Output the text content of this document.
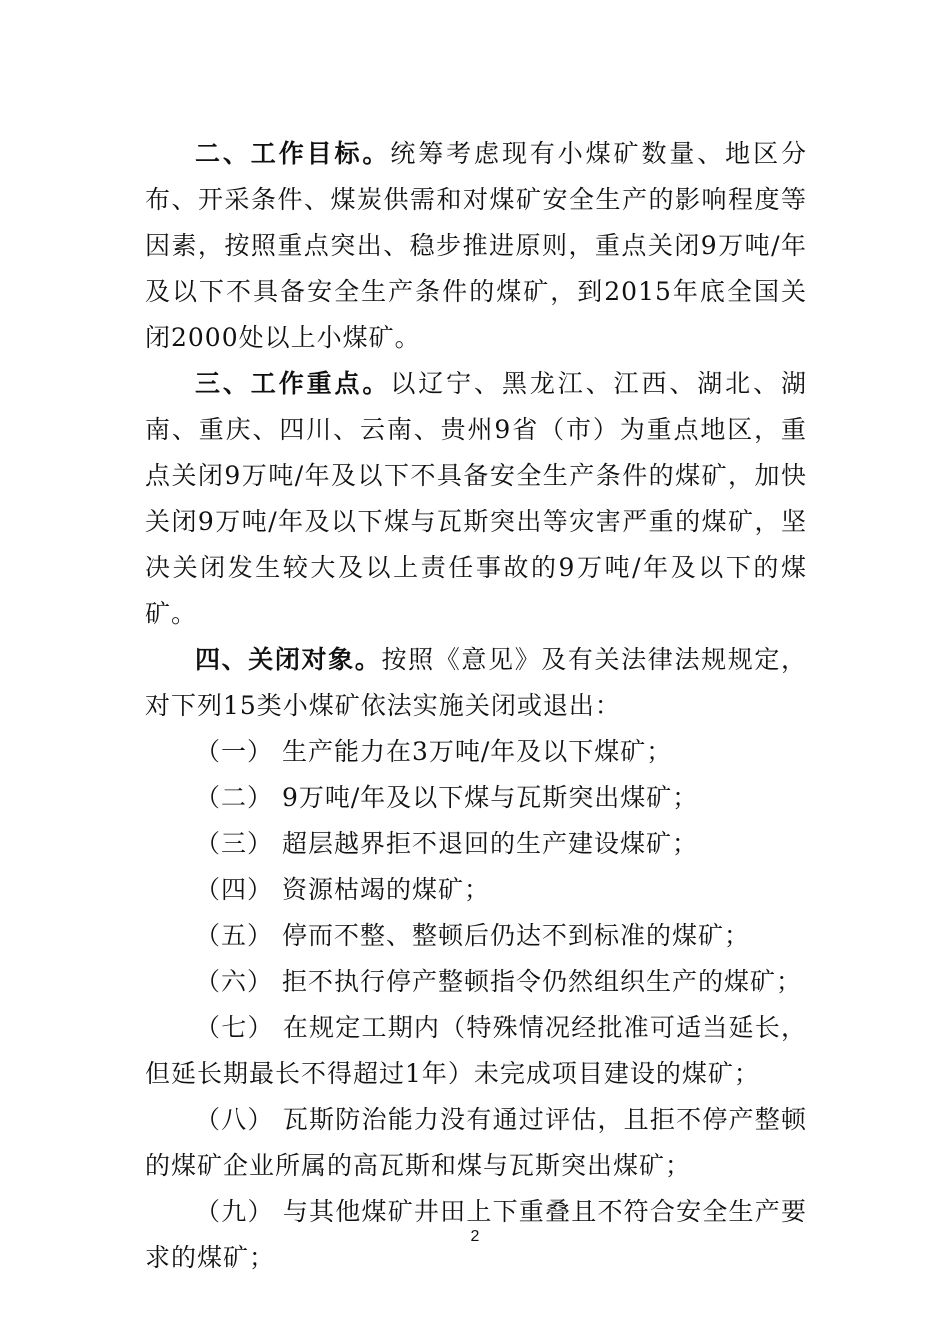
二、工作目标。统筹考虑现有小煤矿数量、地区分布、开采条件、煤炭供需和对煤矿安全生产的影响程度等因素，按照重点突出、稳步推进原则，重点关闭9万吨/年及以下不具备安全生产条件的煤矿，到2015年底全国关闭2000处以上小煤矿。

三、工作重点。以辽宁、黑龙江、江西、湖北、湖南、重庆、四川、云南、贵州9省（市）为重点地区，重点关闭9万吨/年及以下不具备安全生产条件的煤矿，加快关闭9万吨/年及以下煤与瓦斯突出等灾害严重的煤矿，坚决关闭发生较大及以上责任事故的9万吨/年及以下的煤矿。

四、关闭对象。按照《意见》及有关法律法规规定，对下列15类小煤矿依法实施关闭或退出：

（一） 生产能力在3万吨/年及以下煤矿；

（二） 9万吨/年及以下煤与瓦斯突出煤矿；

（三） 超层越界拒不退回的生产建设煤矿；

（四） 资源枯竭的煤矿；

（五） 停而不整、整顿后仍达不到标准的煤矿；

（六） 拒不执行停产整顿指令仍然组织生产的煤矿；

（七） 在规定工期内（特殊情况经批准可适当延长，但延长期最长不得超过1年）未完成项目建设的煤矿；

（八） 瓦斯防治能力没有通过评估，且拒不停产整顿的煤矿企业所属的高瓦斯和煤与瓦斯突出煤矿；

（九） 与其他煤矿井田上下重叠且不符合安全生产要求的煤矿；

2
